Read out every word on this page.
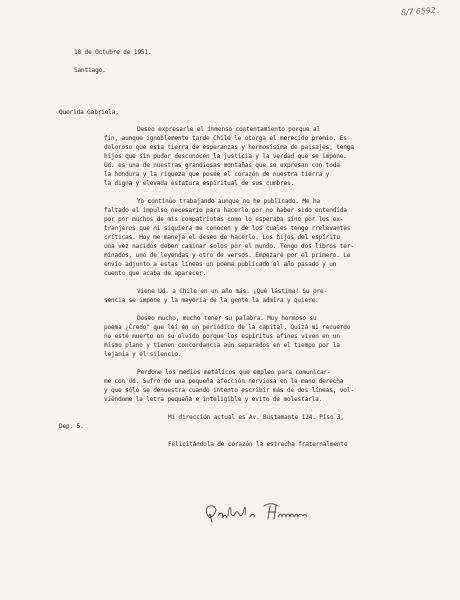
8/7 6592
18 de Octubre de 1951.
Santiago.
Querida Gabriela,
Deseo expresarle el inmenso contentamiento porque al
fin, aunque ignoblemente tarde Chile le otorga el merecido premio. Es
doloroso que esta tierra de esperanzas y hermosísima de paisajes, tenga
hijos que sin pudor desconocen la justicia y la verdad que se impone.
Ud. es una de nuestras grandiosas montañas que se expresan con toda
la hondura y la riqueza que posee el corazón de nuestra tierra y
la digna y elevada estatura espiritual de sus cumbres.
Yo continúo trabajando aunque no he publicado. Me ha
faltado el impulso necesario para hacerlo por no haber sido entendida
por por muchos de mis compatriotas como lo esperaba sino por los ex-
tranjeros que ni siquiera me conocen y de los cuales tengo rrelevantes
críticas. Hoy me maneja el deseo de hacerlo. Los hijos del espíritu
una vez nacidos deben caminar solos por el mundo. Tengo dos libros ter-
minados, uno de leyendas y otro de versos. Empezaré por el primero. Le
envío adjunto a estas líneas un poema publicado el año pasado y un
cuento que acaba de aparecer.
Viene Ud. a Chile en un año más. ¡Qué lástima! Su pre-
sencia se impone y la mayoría de la gente la admira y quiere.
Deseo mucho, mucho tener su palabra. Muy hermoso su
poema ¿Credo" que leí en un periódico de la capital. Quizá mi recuerdo
no esté muerto en su olvido porque los espíritus afines viven en un
mismo plano y tienen concordancia aún separados en el tiempo por la
lejanía y el silencio.
Perdone los medios metálicos que empleo para comunicar-
me con Ud. Sufro de una pequeña afección nerviosa en la mano derecha
y que sólo se denuestra cuando intento escribir más de dos líneas, vol-
viéndome la letra pequeña e inteligible y evito de molestarla.
Mi dirección actual es Av. Bustamante 124. Piso 3,
Dep. 5.
Felicitándola de corazón la estrecha fraternalmente
